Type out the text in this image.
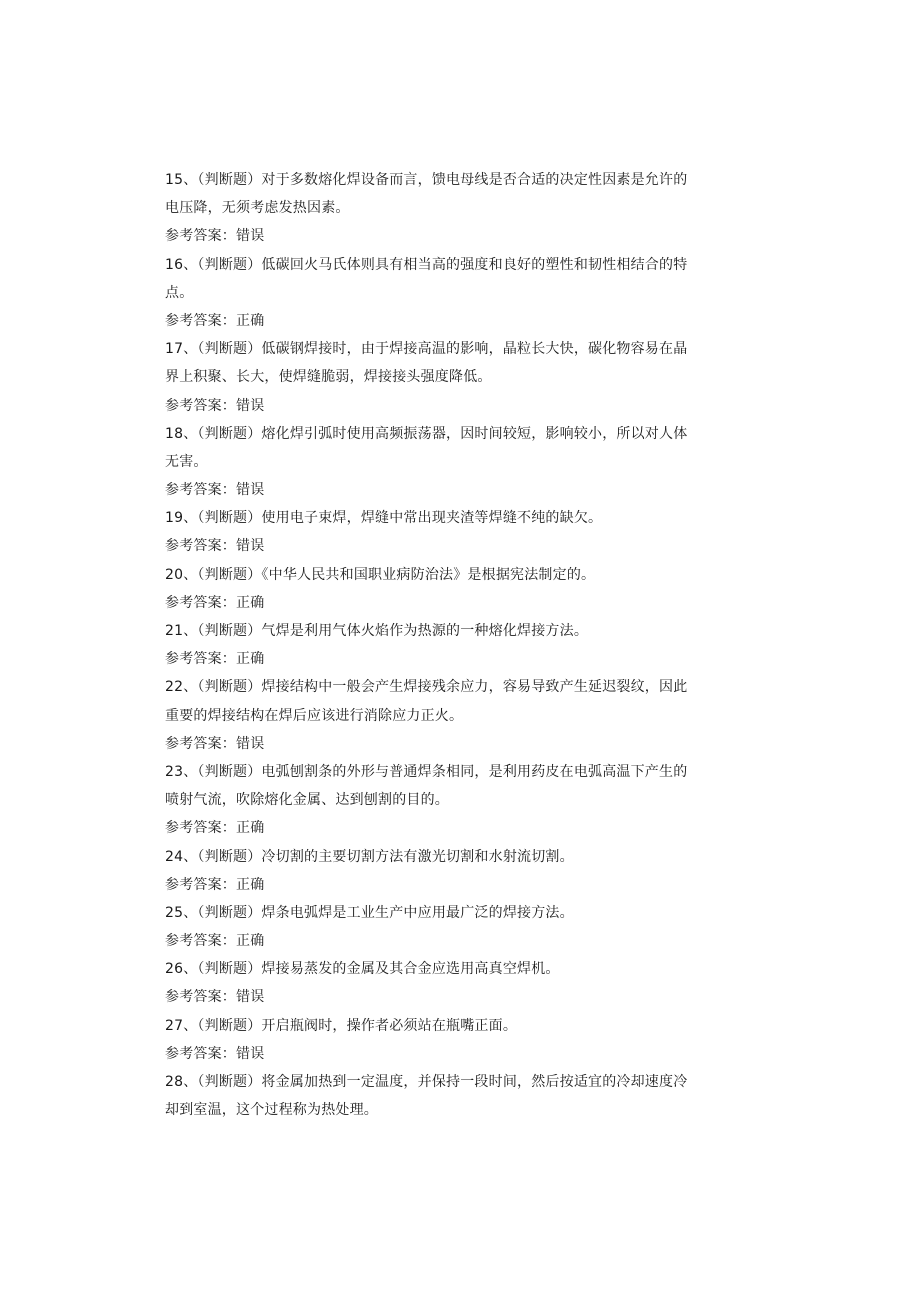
15、（判断题）对于多数熔化焊设备而言，馈电母线是否合适的决定性因素是允许的
电压降，无须考虑发热因素。
参考答案：错误
16、（判断题）低碳回火马氏体则具有相当高的强度和良好的塑性和韧性相结合的特
点。
参考答案：正确
17、（判断题）低碳钢焊接时，由于焊接高温的影响，晶粒长大快，碳化物容易在晶
界上积聚、长大，使焊缝脆弱，焊接接头强度降低。
参考答案：错误
18、（判断题）熔化焊引弧时使用高频振荡器，因时间较短，影响较小，所以对人体
无害。
参考答案：错误
19、（判断题）使用电子束焊，焊缝中常出现夹渣等焊缝不纯的缺欠。
参考答案：错误
20、（判断题）《中华人民共和国职业病防治法》是根据宪法制定的。
参考答案：正确
21、（判断题）气焊是利用气体火焰作为热源的一种熔化焊接方法。
参考答案：正确
22、（判断题）焊接结构中一般会产生焊接残余应力，容易导致产生延迟裂纹，因此
重要的焊接结构在焊后应该进行消除应力正火。
参考答案：错误
23、（判断题）电弧刨割条的外形与普通焊条相同，是利用药皮在电弧高温下产生的
喷射气流，吹除熔化金属、达到刨割的目的。
参考答案：正确
24、（判断题）冷切割的主要切割方法有激光切割和水射流切割。
参考答案：正确
25、（判断题）焊条电弧焊是工业生产中应用最广泛的焊接方法。
参考答案：正确
26、（判断题）焊接易蒸发的金属及其合金应选用高真空焊机。
参考答案：错误
27、（判断题）开启瓶阀时，操作者必须站在瓶嘴正面。
参考答案：错误
28、（判断题）将金属加热到一定温度，并保持一段时间，然后按适宜的冷却速度冷
却到室温，这个过程称为热处理。
